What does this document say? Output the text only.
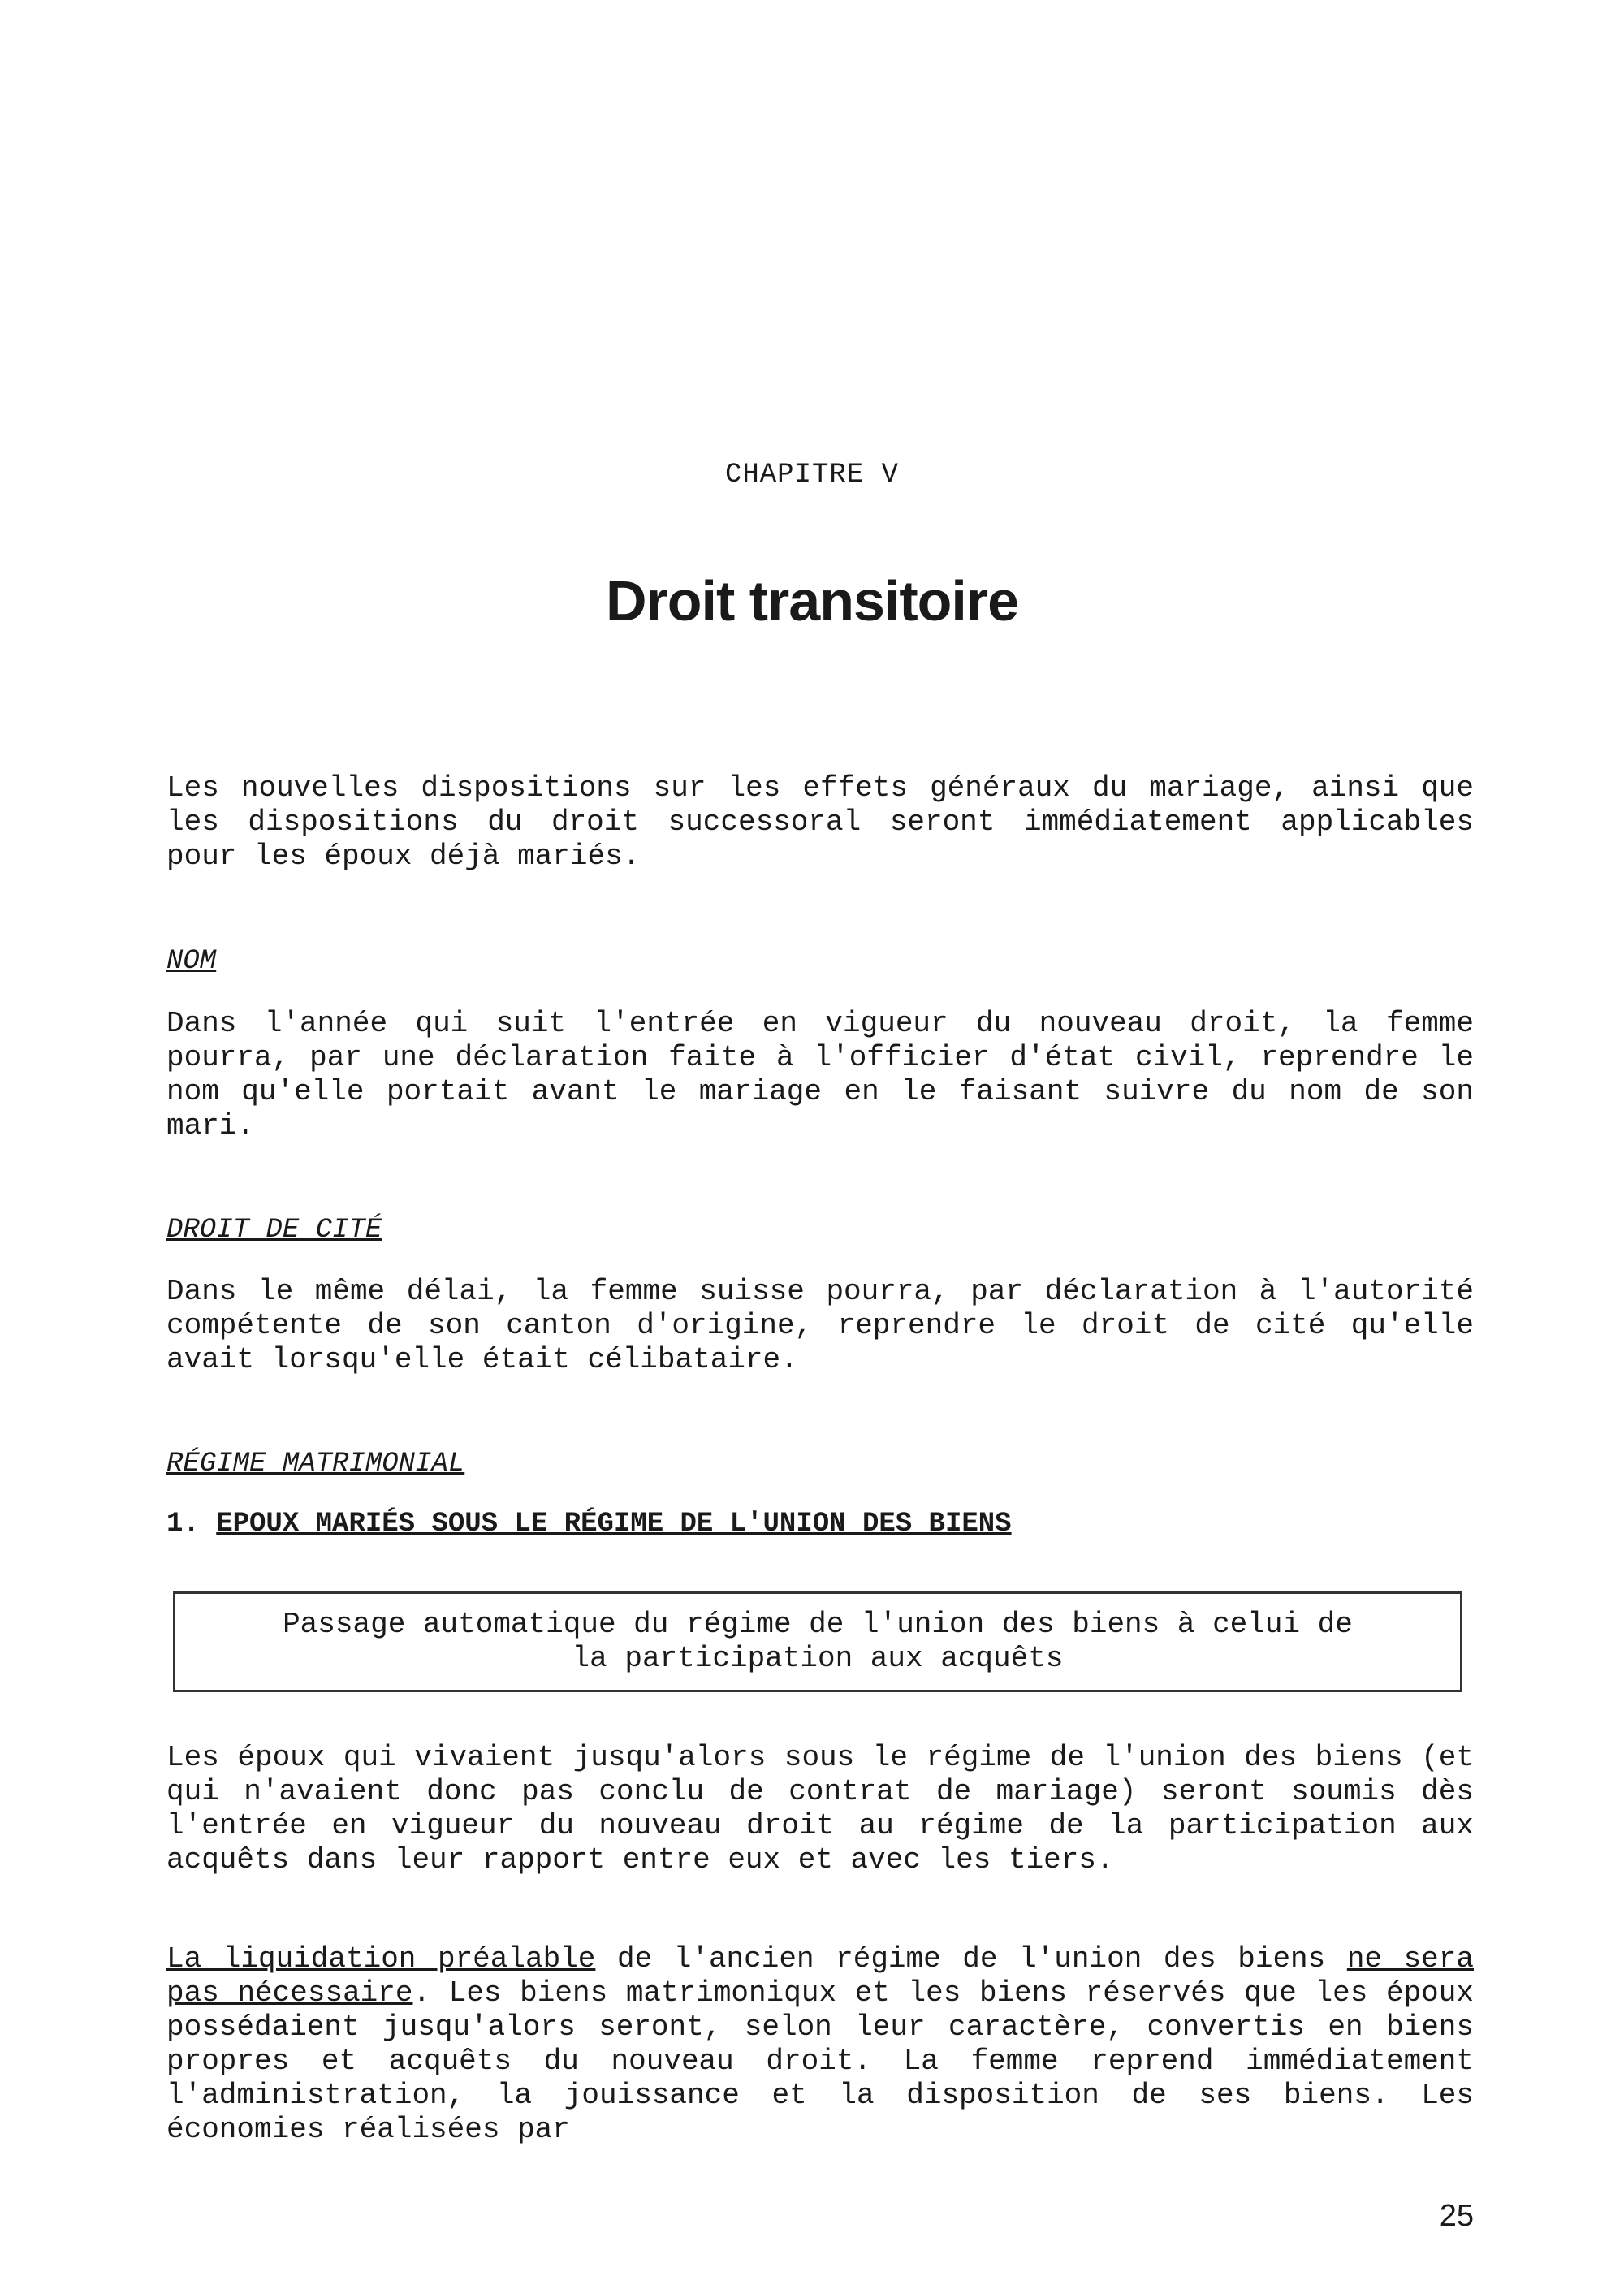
CHAPITRE V
Droit transitoire

Les nouvelles dispositions sur les effets généraux du mariage, ainsi que les dispositions du droit successoral seront immédiatement applicables pour les époux déjà mariés.

NOM

Dans l'année qui suit l'entrée en vigueur du nouveau droit, la femme pourra, par une déclaration faite à l'officier d'état civil, reprendre le nom qu'elle portait avant le mariage en le faisant suivre du nom de son mari.

DROIT DE CITÉ

Dans le même délai, la femme suisse pourra, par déclaration à l'autorité compétente de son canton d'origine, reprendre le droit de cité qu'elle avait lorsqu'elle était célibataire.

RÉGIME MATRIMONIAL

1. EPOUX MARIÉS SOUS LE RÉGIME DE L'UNION DES BIENS

Passage automatique du régime de l'union des biens à celui de
la participation aux acquêts

Les époux qui vivaient jusqu'alors sous le régime de l'union des biens (et qui n'avaient donc pas conclu de contrat de mariage) seront soumis dès l'entrée en vigueur du nouveau droit au régime de la participation aux acquêts dans leur rapport entre eux et avec les tiers.

La liquidation préalable de l'ancien régime de l'union des biens ne sera pas nécessaire. Les biens matrimoniqux et les biens réservés que les époux possédaient jusqu'alors seront, selon leur caractère, convertis en biens propres et acquêts du nouveau droit. La femme reprend immédiatement l'administration, la jouissance et la disposition de ses biens. Les économies réalisées par

25
